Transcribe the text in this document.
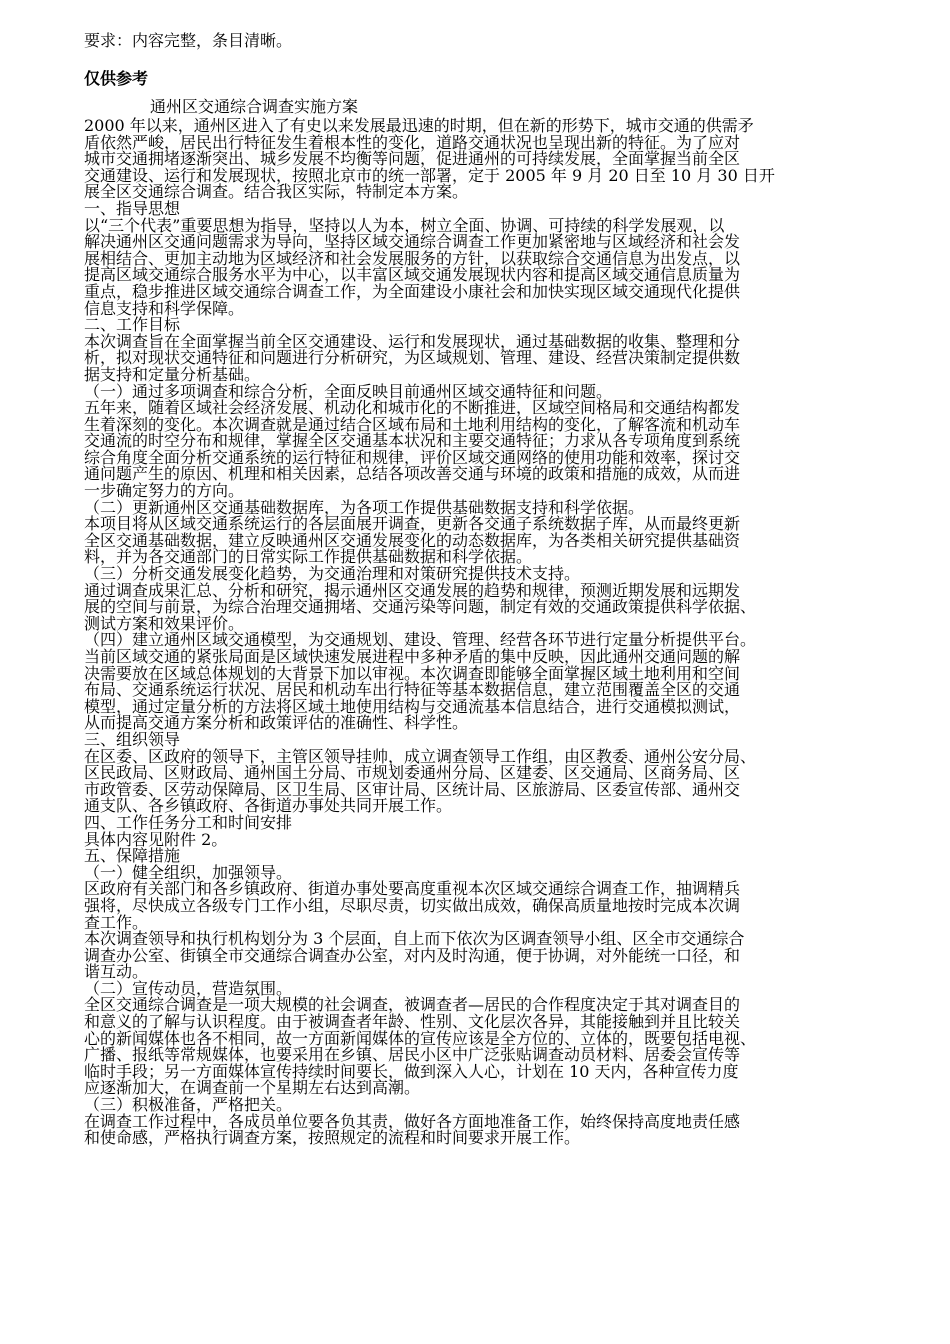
要求：内容完整，条目清晰。

仅供参考

通州区交通综合调查实施方案

2000 年以来，通州区进入了有史以来发展最迅速的时期，但在新的形势下，城市交通的供需矛
盾依然严峻，居民出行特征发生着根本性的变化，道路交通状况也呈现出新的特征。为了应对
城市交通拥堵逐渐突出、城乡发展不均衡等问题，促进通州的可持续发展，全面掌握当前全区
交通建设、运行和发展现状，按照北京市的统一部署，定于 2005 年 9 月 20 日至 10 月 30 日开
展全区交通综合调查。结合我区实际，特制定本方案。
一、指导思想
以“三个代表”重要思想为指导，坚持以人为本，树立全面、协调、可持续的科学发展观，以
解决通州区交通问题需求为导向，坚持区域交通综合调查工作更加紧密地与区域经济和社会发
展相结合、更加主动地为区域经济和社会发展服务的方针，以获取综合交通信息为出发点，以
提高区域交通综合服务水平为中心，以丰富区域交通发展现状内容和提高区域交通信息质量为
重点，稳步推进区域交通综合调查工作，为全面建设小康社会和加快实现区域交通现代化提供
信息支持和科学保障。
二、工作目标
本次调查旨在全面掌握当前全区交通建设、运行和发展现状，通过基础数据的收集、整理和分
析，拟对现状交通特征和问题进行分析研究，为区域规划、管理、建设、经营决策制定提供数
据支持和定量分析基础。
（一）通过多项调查和综合分析，全面反映目前通州区域交通特征和问题。
五年来，随着区域社会经济发展、机动化和城市化的不断推进，区域空间格局和交通结构都发
生着深刻的变化。本次调查就是通过结合区域布局和土地利用结构的变化，了解客流和机动车
交通流的时空分布和规律，掌握全区交通基本状况和主要交通特征；力求从各专项角度到系统
综合角度全面分析交通系统的运行特征和规律，评价区域交通网络的使用功能和效率，探讨交
通问题产生的原因、机理和相关因素，总结各项改善交通与环境的政策和措施的成效，从而进
一步确定努力的方向。
（二）更新通州区交通基础数据库，为各项工作提供基础数据支持和科学依据。
本项目将从区域交通系统运行的各层面展开调查，更新各交通子系统数据子库，从而最终更新
全区交通基础数据，建立反映通州区交通发展变化的动态数据库，为各类相关研究提供基础资
料，并为各交通部门的日常实际工作提供基础数据和科学依据。
（三）分析交通发展变化趋势，为交通治理和对策研究提供技术支持。
通过调查成果汇总、分析和研究，揭示通州区交通发展的趋势和规律，预测近期发展和远期发
展的空间与前景，为综合治理交通拥堵、交通污染等问题，制定有效的交通政策提供科学依据、
测试方案和效果评价。
（四）建立通州区域交通模型，为交通规划、建设、管理、经营各环节进行定量分析提供平台。
当前区域交通的紧张局面是区域快速发展进程中多种矛盾的集中反映，因此通州交通问题的解
决需要放在区域总体规划的大背景下加以审视。本次调查即能够全面掌握区域土地利用和空间
布局、交通系统运行状况、居民和机动车出行特征等基本数据信息，建立范围覆盖全区的交通
模型，通过定量分析的方法将区域土地使用结构与交通流基本信息结合，进行交通模拟测试，
从而提高交通方案分析和政策评估的准确性、科学性。
三、组织领导
在区委、区政府的领导下，主管区领导挂帅，成立调查领导工作组，由区教委、通州公安分局、
区民政局、区财政局、通州国土分局、市规划委通州分局、区建委、区交通局、区商务局、区
市政管委、区劳动保障局、区卫生局、区审计局、区统计局、区旅游局、区委宣传部、通州交
通支队、各乡镇政府、各街道办事处共同开展工作。
四、工作任务分工和时间安排
具体内容见附件 2。
五、保障措施
（一）健全组织，加强领导。
区政府有关部门和各乡镇政府、街道办事处要高度重视本次区域交通综合调查工作，抽调精兵
强将，尽快成立各级专门工作小组，尽职尽责，切实做出成效，确保高质量地按时完成本次调
查工作。
本次调查领导和执行机构划分为 3 个层面，自上而下依次为区调查领导小组、区全市交通综合
调查办公室、街镇全市交通综合调查办公室，对内及时沟通，便于协调，对外能统一口径，和
谐互动。
（二）宣传动员，营造氛围。
全区交通综合调查是一项大规模的社会调查，被调查者—居民的合作程度决定于其对调查目的
和意义的了解与认识程度。由于被调查者年龄、性别、文化层次各异，其能接触到并且比较关
心的新闻媒体也各不相同，故一方面新闻媒体的宣传应该是全方位的、立体的，既要包括电视、
广播、报纸等常规媒体，也要采用在乡镇、居民小区中广泛张贴调查动员材料、居委会宣传等
临时手段；另一方面媒体宣传持续时间要长，做到深入人心，计划在 10 天内，各种宣传力度
应逐渐加大，在调查前一个星期左右达到高潮。
（三）积极准备，严格把关。
在调查工作过程中，各成员单位要各负其责，做好各方面地准备工作，始终保持高度地责任感
和使命感，严格执行调查方案，按照规定的流程和时间要求开展工作。
